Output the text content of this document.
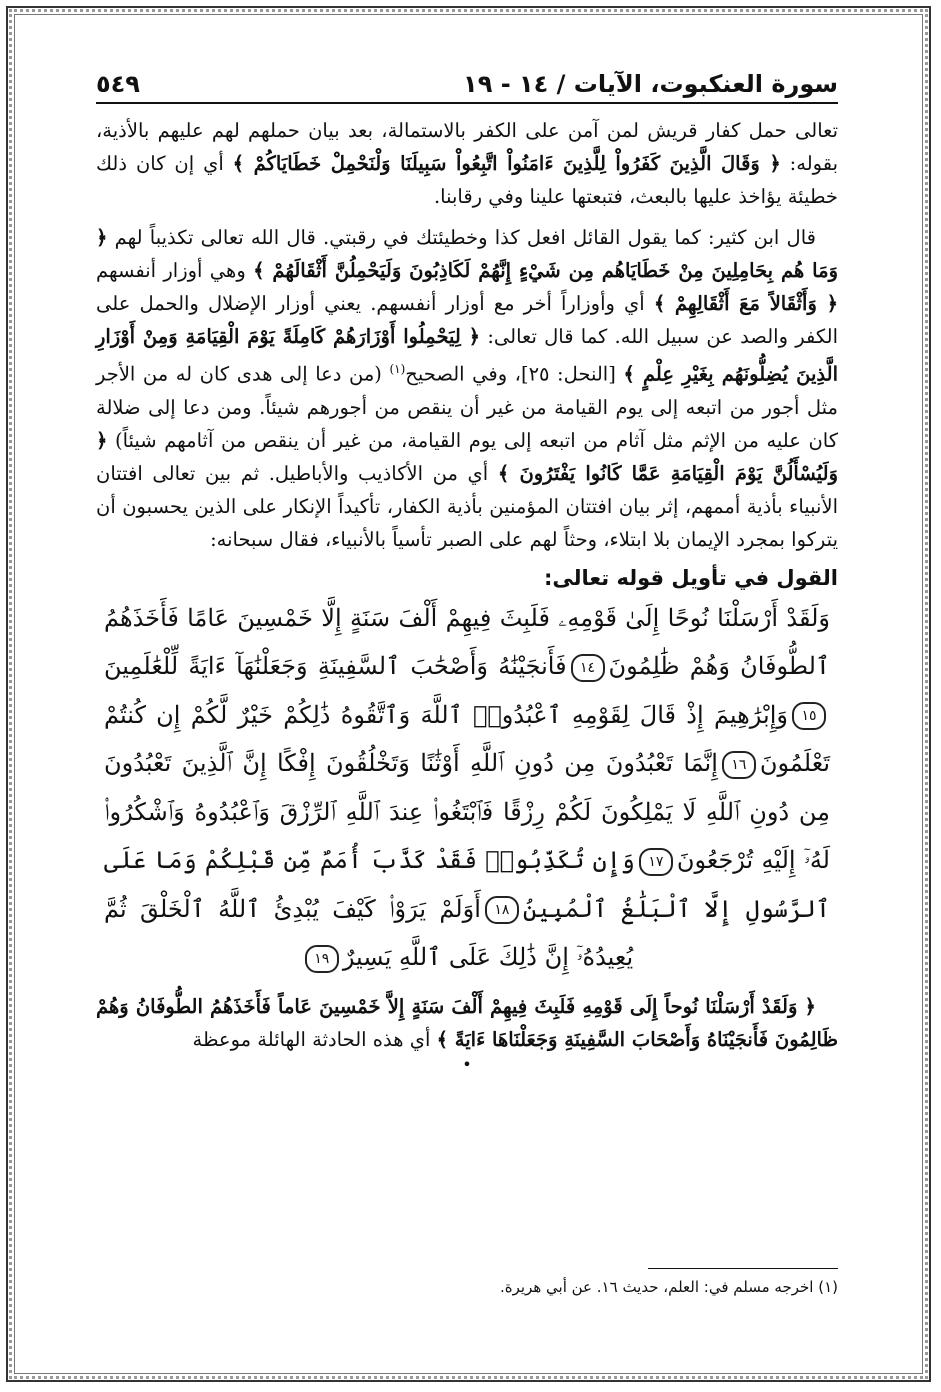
سورة العنكبوت، الآيات / ١٤ - ١٩
٥٤٩

تعالى حمل كفار قريش لمن آمن على الكفر بالاستمالة، بعد بيان حملهم لهم عليهم بالأذية، بقوله: ﴿ وَقَالَ الَّذِينَ كَفَرُواْ لِلَّذِينَ ءَامَنُواْ اتَّبِعُواْ سَبِيلَنَا وَلْنَحْمِلْ خَطَايَاكُمْ ﴾ أي إن كان ذلك خطيئة يؤاخذ عليها بالبعث، فتبعتها علينا وفي رقابنا.

قال ابن كثير: كما يقول القائل افعل كذا وخطيئتك في رقبتي. قال الله تعالى تكذيباً لهم ﴿ وَمَا هُم بِحَامِلِينَ مِنْ خَطَايَاهُم مِن شَيْءٍ إِنَّهُمْ لَكَاذِبُونَ وَلَيَحْمِلُنَّ أَثْقَالَهُمْ ﴾ وهي أوزار أنفسهم ﴿ وَأَثْقَالاً مَعَ أَثْقَالِهِمْ ﴾ أي وأوزاراً أخر مع أوزار أنفسهم. يعني أوزار الإضلال والحمل على الكفر والصد عن سبيل الله. كما قال تعالى: ﴿ لِيَحْمِلُوا أَوْزَارَهُمْ كَامِلَةً يَوْمَ الْقِيَامَةِ وَمِنْ أَوْزَارِ الَّذِينَ يُضِلُّونَهُم بِغَيْرِ عِلْمٍ ﴾ [النحل: ٢٥]، وفي الصحيح$^{(١)}$ (من دعا إلى هدى كان له من الأجر مثل أجور من اتبعه إلى يوم القيامة من غير أن ينقص من أجورهم شيئاً. ومن دعا إلى ضلالة كان عليه من الإثم مثل آثام من اتبعه إلى يوم القيامة، من غير أن ينقص من آثامهم شيئاً) ﴿ وَلَيُسْأَلُنَّ يَوْمَ الْقِيَامَةِ عَمَّا كَانُوا يَفْتَرُونَ ﴾ أي من الأكاذيب والأباطيل. ثم بين تعالى افتتان الأنبياء بأذية أممهم، إثر بيان افتتان المؤمنين بأذية الكفار، تأكيداً الإنكار على الذين يحسبون أن يتركوا بمجرد الإيمان بلا ابتلاء، وحثاً لهم على الصبر تأسياً بالأنبياء، فقال سبحانه:

القول في تأويل قوله تعالى:

وَلَقَدْ أَرْسَلْنَا نُوحًا إِلَىٰ قَوْمِهِۦ فَلَبِثَ فِيهِمْ أَلْفَ سَنَةٍ إِلَّا خَمْسِينَ عَامًا فَأَخَذَهُمُ ٱلطُّوفَانُ وَهُمْ ظَٰلِمُونَ١٤فَأَنجَيْنَٰهُ وَأَصْحَٰبَ ٱلسَّفِينَةِ وَجَعَلْنَٰهَآ ءَايَةً لِّلْعَٰلَمِينَ١٥وَإِبْرَٰهِيمَ إِذْ قَالَ لِقَوْمِهِ ٱعْبُدُوا۟ ٱللَّهَ وَٱتَّقُوهُ ذَٰلِكُمْ خَيْرٌ لَّكُمْ إِن كُنتُمْ تَعْلَمُونَ١٦إِنَّمَا تَعْبُدُونَ مِن دُونِ ٱللَّهِ أَوْثَٰنًا وَتَخْلُقُونَ إِفْكًا إِنَّ ٱلَّذِينَ تَعْبُدُونَ مِن دُونِ ٱللَّهِ لَا يَمْلِكُونَ لَكُمْ رِزْقًا فَٱبْتَغُوا۟ عِندَ ٱللَّهِ ٱلرِّزْقَ وَٱعْبُدُوهُ وَٱشْكُرُوا۟ لَهُۥٓ إِلَيْهِ تُرْجَعُونَ١٧وَإِن تُكَذِّبُوا۟ فَقَدْ كَذَّبَ أُمَمٌ مِّن قَبْلِكُمْ وَمَا عَلَى ٱلرَّسُولِ إِلَّا ٱلْبَلَٰغُ ٱلْمُبِينُ١٨أَوَلَمْ يَرَوْا۟ كَيْفَ يُبْدِئُ ٱللَّهُ ٱلْخَلْقَ ثُمَّ يُعِيدُهُۥٓ إِنَّ ذَٰلِكَ عَلَى ٱللَّهِ يَسِيرٌ١٩

﴿ وَلَقَدْ أَرْسَلْنَا نُوحاً إِلَى قَوْمِهِ فَلَبِثَ فِيهِمْ أَلْفَ سَنَةٍ إِلاَّ خَمْسِينَ عَاماً فَأَخَذَهُمُ الطُّوفَانُ وَهُمْ ظَالِمُونَ فَأَنجَيْنَاهُ وَأَصْحَابَ السَّفِينَةِ وَجَعَلْنَاهَا ءَايَةً ﴾ أي هذه الحادثة الهائلة موعظة

•
(١) اخرجه مسلم في: العلم، حديث ١٦. عن أبي هريرة.
